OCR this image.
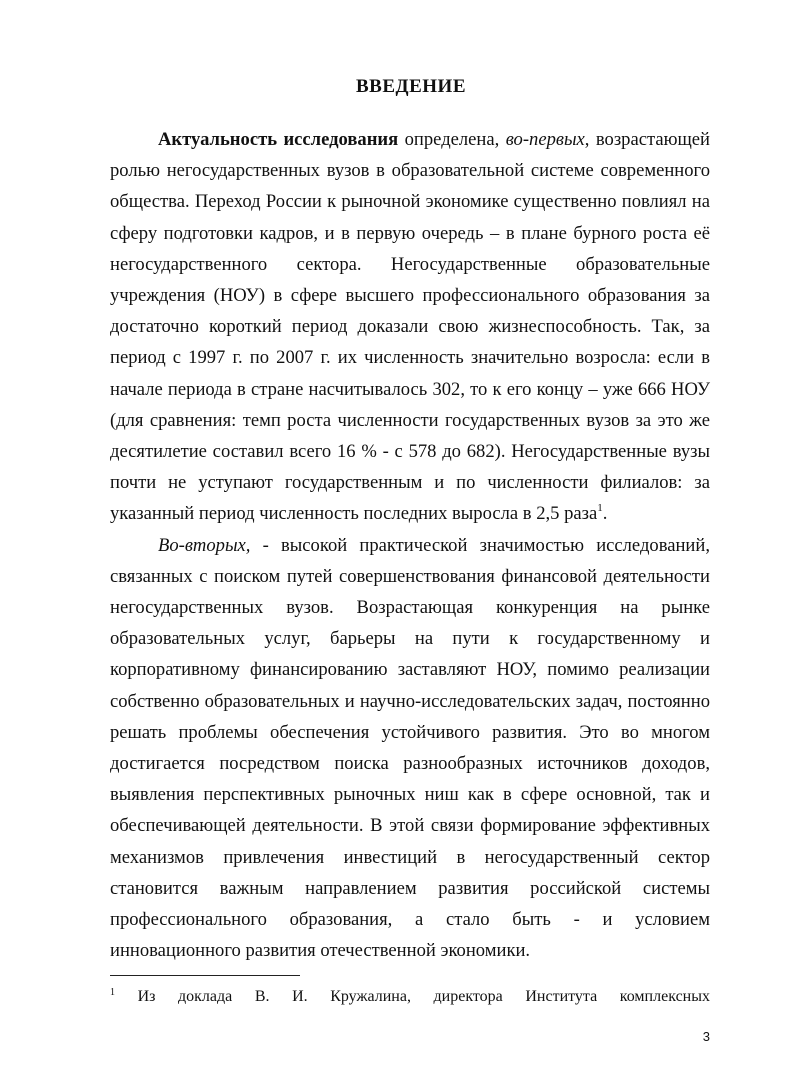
ВВЕДЕНИЕ

Актуальность исследования определена, во-первых, возрастающей ролью негосударственных вузов в образовательной системе современного общества. Переход России к рыночной экономике существенно повлиял на сферу подготовки кадров, и в первую очередь – в плане бурного роста её негосударственного сектора. Негосударственные образовательные учреждения (НОУ) в сфере высшего профессионального образования за достаточно короткий период доказали свою жизнеспособность. Так, за период с 1997 г. по 2007 г. их численность значительно возросла: если в начале периода в стране насчитывалось 302, то к его концу – уже 666 НОУ (для сравнения: темп роста численности государственных вузов за это же десятилетие составил всего 16 % - с 578 до 682). Негосударственные вузы почти не уступают государственным и по численности филиалов: за указанный период численность последних выросла в 2,5 раза$^1$.

Во-вторых, - высокой практической значимостью исследований, связанных с поиском путей совершенствования финансовой деятельности негосударственных вузов. Возрастающая конкуренция на рынке образовательных услуг, барьеры на пути к государственному и корпоративному финансированию заставляют НОУ, помимо реализации собственно образовательных и научно-исследовательских задач, постоянно решать проблемы обеспечения устойчивого развития. Это во многом достигается посредством поиска разнообразных источников доходов, выявления перспективных рыночных ниш как в сфере основной, так и обеспечивающей деятельности. В этой связи формирование эффективных механизмов привлечения инвестиций в негосударственный сектор становится важным направлением развития российской системы профессионального образования, а стало быть - и условием инновационного развития отечественной экономики.

$^1$ Из доклада В. И. Кружалина, директора Института комплексных
3
